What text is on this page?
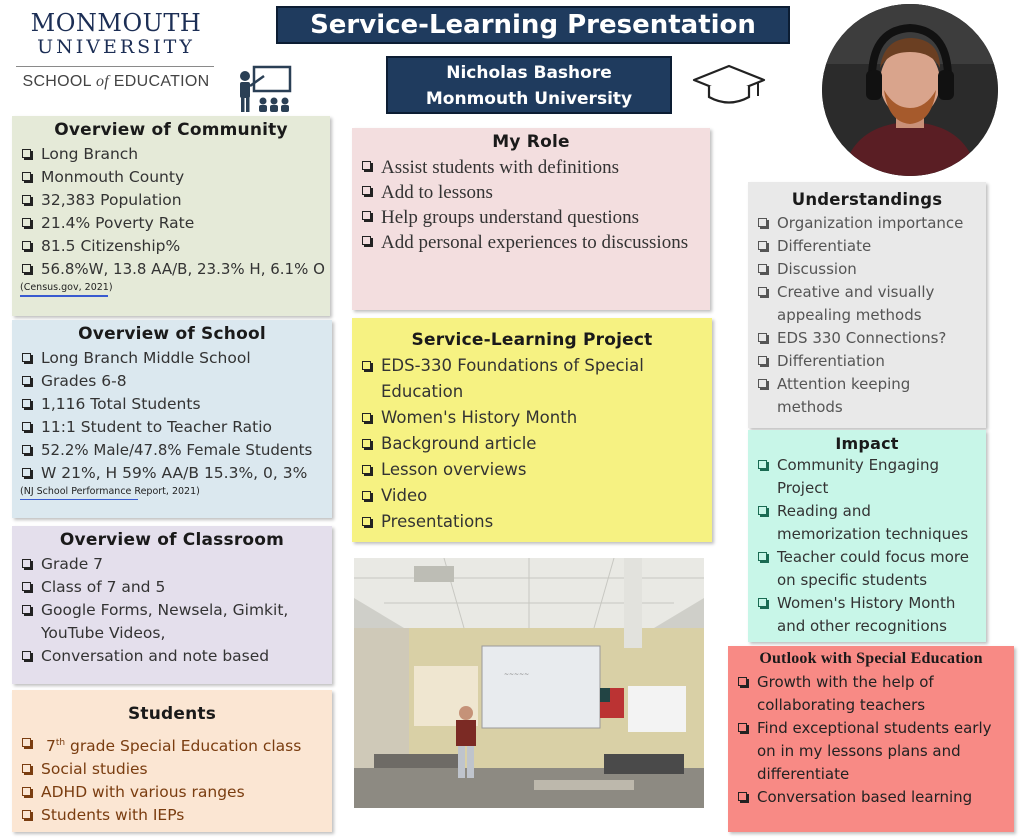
MONMOUTH
UNIVERSITY
SCHOOL of EDUCATION
Service-Learning Presentation
Nicholas Bashore
Monmouth University
Overview of Community
Long Branch
Monmouth County
32,383 Population
21.4% Poverty Rate
81.5 Citizenship%
56.8%W, 13.8 AA/B, 23.3% H, 6.1% O
(Census.gov, 2021)
Overview of School
Long Branch Middle School
Grades 6-8
1,116 Total Students
11:1 Student to Teacher Ratio
52.2% Male/47.8% Female Students
W 21%, H 59% AA/B 15.3%, 0, 3%
(NJ School Performance Report, 2021)
Overview of Classroom
Grade 7
Class of 7 and 5
Google Forms, Newsela, Gimkit, YouTube Videos,
Conversation and note based
Students
7th grade Special Education class
Social studies
ADHD with various ranges
Students with IEPs
My Role
Assist students with definitions
Add to lessons
Help groups understand questions
Add personal experiences to discussions
Service-Learning Project
EDS-330 Foundations of Special Education
Women's History Month
Background article
Lesson overviews
Video
Presentations
~~~~~
Understandings
Organization importance
Differentiate
Discussion
Creative and visually appealing methods
EDS 330 Connections?
Differentiation
Attention keeping methods
Impact
Community Engaging Project
Reading and memorization techniques
Teacher could focus more on specific students
Women's History Month and other recognitions
Outlook with Special Education
Growth with the help of collaborating teachers
Find exceptional students early on in my lessons plans and differentiate
Conversation based learning
